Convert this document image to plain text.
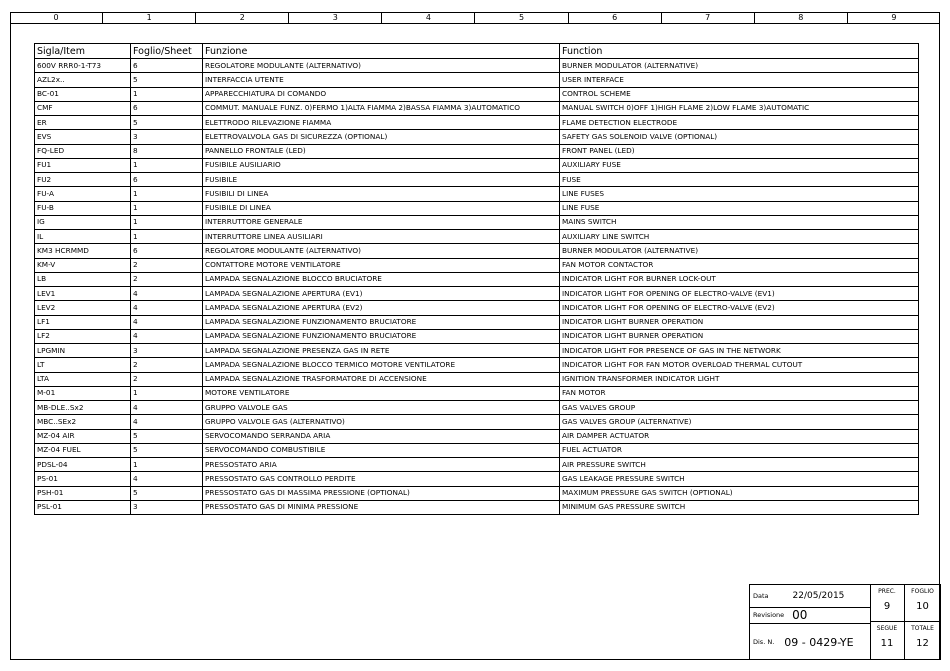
0	1	2	3	4	5	6	7	8	9
Sigla/Item	Foglio/Sheet	Funzione	Function
600V RRR0-1-T73	6	REGOLATORE MODULANTE (ALTERNATIVO)	BURNER MODULATOR (ALTERNATIVE)
AZL2x..	5	INTERFACCIA UTENTE	USER INTERFACE
BC-01	1	APPARECCHIATURA DI COMANDO	CONTROL SCHEME
CMF	6	COMMUT. MANUALE FUNZ. 0)FERMO 1)ALTA FIAMMA 2)BASSA FIAMMA 3)AUTOMATICO	MANUAL SWITCH 0)OFF 1)HIGH FLAME 2)LOW FLAME 3)AUTOMATIC
ER	5	ELETTRODO RILEVAZIONE FIAMMA	FLAME DETECTION ELECTRODE
EVS	3	ELETTROVALVOLA GAS DI SICUREZZA (OPTIONAL)	SAFETY GAS SOLENOID VALVE (OPTIONAL)
FQ-LED	8	PANNELLO FRONTALE (LED)	FRONT PANEL (LED)
FU1	1	FUSIBILE AUSILIARIO	AUXILIARY FUSE
FU2	6	FUSIBILE	FUSE
FU-A	1	FUSIBILI DI LINEA	LINE FUSES
FU-B	1	FUSIBILE DI LINEA	LINE FUSE
IG	1	INTERRUTTORE GENERALE	MAINS SWITCH
IL	1	INTERRUTTORE LINEA AUSILIARI	AUXILIARY LINE SWITCH
KM3 HCRMMD	6	REGOLATORE MODULANTE (ALTERNATIVO)	BURNER MODULATOR (ALTERNATIVE)
KM-V	2	CONTATTORE MOTORE VENTILATORE	FAN MOTOR CONTACTOR
LB	2	LAMPADA SEGNALAZIONE BLOCCO BRUCIATORE	INDICATOR LIGHT FOR BURNER LOCK-OUT
LEV1	4	LAMPADA SEGNALAZIONE APERTURA (EV1)	INDICATOR LIGHT FOR OPENING OF ELECTRO-VALVE (EV1)
LEV2	4	LAMPADA SEGNALAZIONE APERTURA (EV2)	INDICATOR LIGHT FOR OPENING OF ELECTRO-VALVE (EV2)
LF1	4	LAMPADA SEGNALAZIONE FUNZIONAMENTO BRUCIATORE	INDICATOR LIGHT BURNER OPERATION
LF2	4	LAMPADA SEGNALAZIONE FUNZIONAMENTO BRUCIATORE	INDICATOR LIGHT BURNER OPERATION
LPGMIN	3	LAMPADA SEGNALAZIONE PRESENZA GAS IN RETE	INDICATOR LIGHT FOR PRESENCE OF GAS IN THE NETWORK
LT	2	LAMPADA SEGNALAZIONE BLOCCO TERMICO MOTORE VENTILATORE	INDICATOR LIGHT FOR FAN MOTOR OVERLOAD THERMAL CUTOUT
LTA	2	LAMPADA SEGNALAZIONE TRASFORMATORE DI ACCENSIONE	IGNITION TRANSFORMER INDICATOR LIGHT
M-01	1	MOTORE VENTILATORE	FAN MOTOR
MB-DLE..Sx2	4	GRUPPO VALVOLE GAS	GAS VALVES GROUP
MBC..SEx2	4	GRUPPO VALVOLE GAS (ALTERNATIVO)	GAS VALVES GROUP (ALTERNATIVE)
MZ-04 AIR	5	SERVOCOMANDO SERRANDA ARIA	AIR DAMPER ACTUATOR
MZ-04 FUEL	5	SERVOCOMANDO COMBUSTIBILE	FUEL ACTUATOR
PDSL-04	1	PRESSOSTATO ARIA	AIR PRESSURE SWITCH
PS-01	4	PRESSOSTATO GAS CONTROLLO PERDITE	GAS LEAKAGE PRESSURE SWITCH
PSH-01	5	PRESSOSTATO GAS DI MASSIMA PRESSIONE (OPTIONAL)	MAXIMUM PRESSURE GAS SWITCH (OPTIONAL)
PSL-01	3	PRESSOSTATO GAS DI MINIMA PRESSIONE	MINIMUM GAS PRESSURE SWITCH
Data	22/05/2015
Revisione 00
Dis. N. 09 - 0429-YE
PREC.
9
FOGLIO
10
SEGUE
11
TOTALE
12
